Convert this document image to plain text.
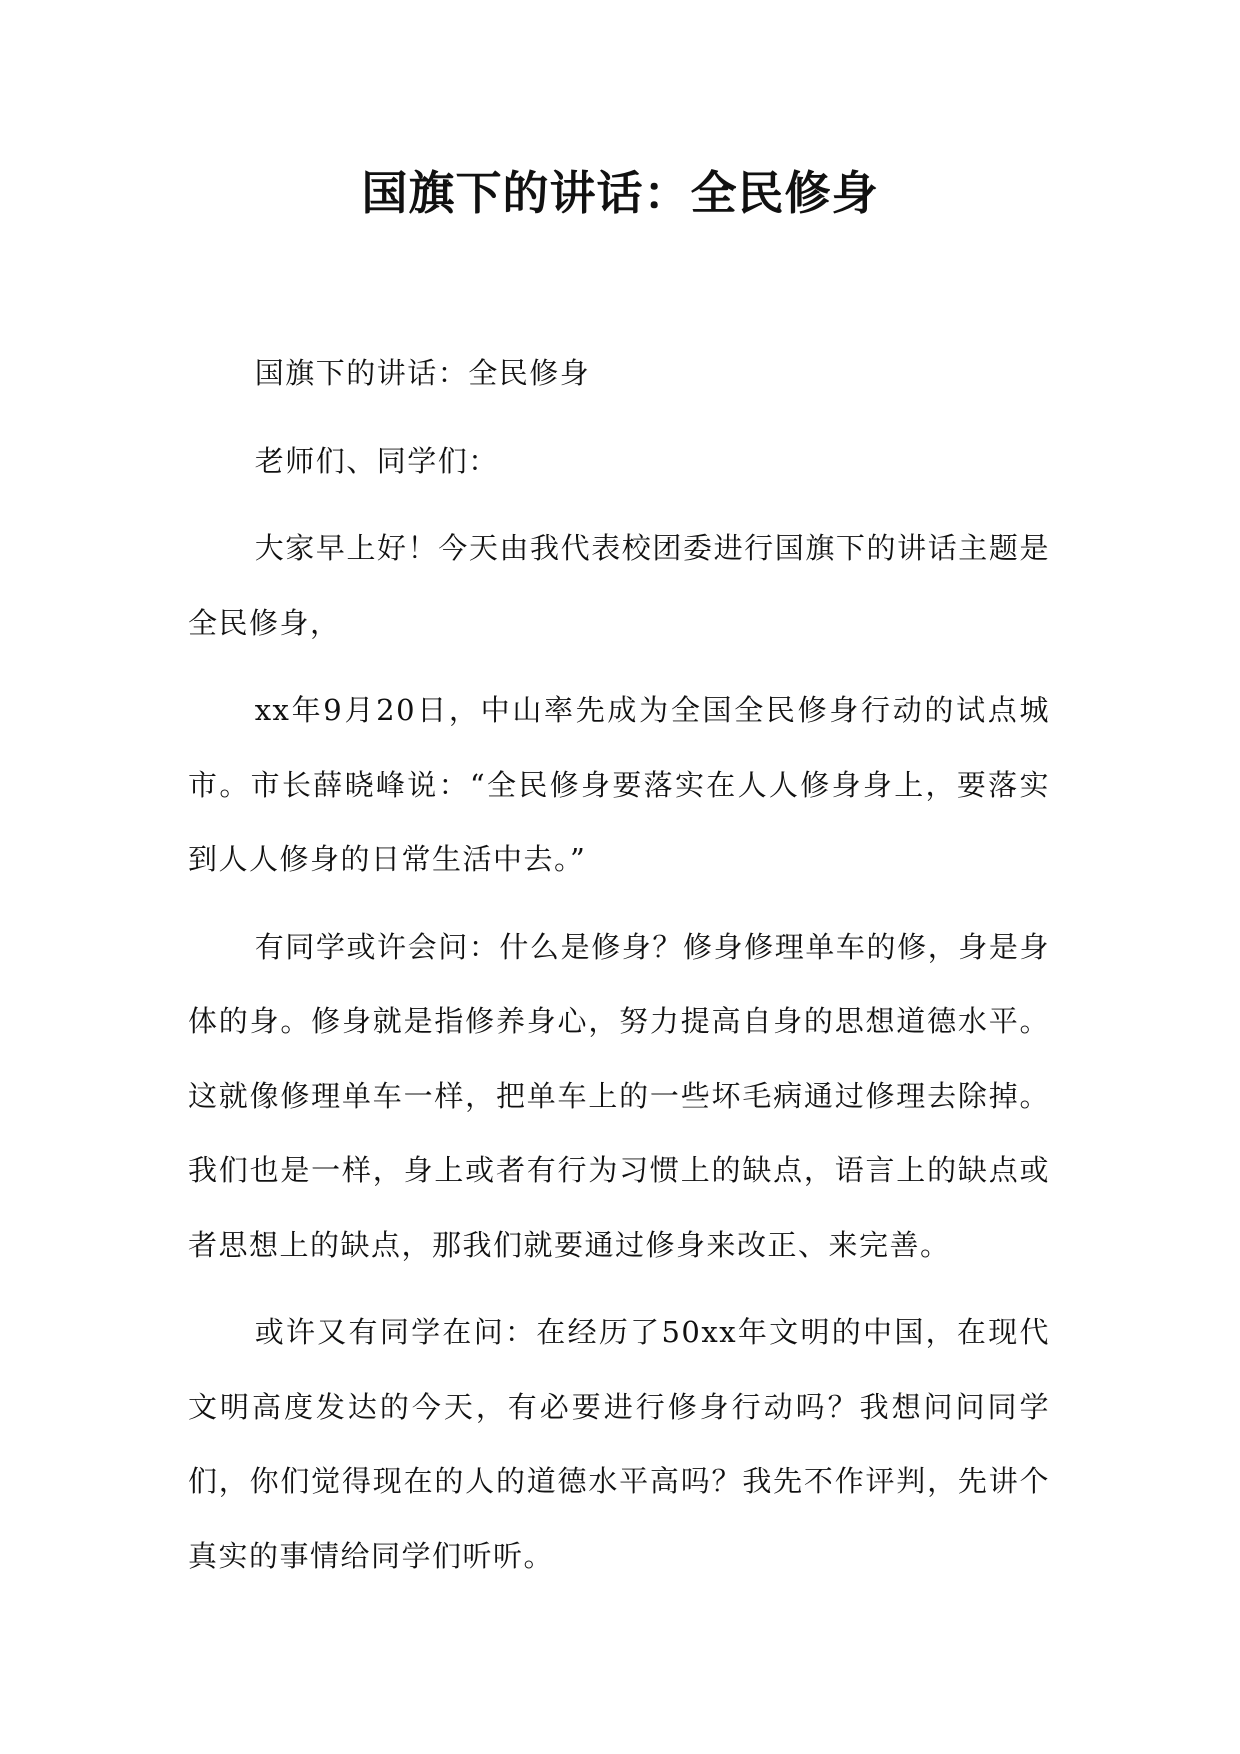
国旗下的讲话：全民修身

国旗下的讲话：全民修身

老师们、同学们：

大家早上好！今天由我代表校团委进行国旗下的讲话主题是全民修身，

xx年9月20日，中山率先成为全国全民修身行动的试点城市。市长薛晓峰说：“全民修身要落实在人人修身身上，要落实到人人修身的日常生活中去。”

有同学或许会问：什么是修身？修身修理单车的修，身是身体的身。修身就是指修养身心，努力提高自身的思想道德水平。这就像修理单车一样，把单车上的一些坏毛病通过修理去除掉。我们也是一样，身上或者有行为习惯上的缺点，语言上的缺点或者思想上的缺点，那我们就要通过修身来改正、来完善。

或许又有同学在问：在经历了50xx年文明的中国，在现代文明高度发达的今天，有必要进行修身行动吗？我想问问同学们，你们觉得现在的人的道德水平高吗？我先不作评判，先讲个真实的事情给同学们听听。
